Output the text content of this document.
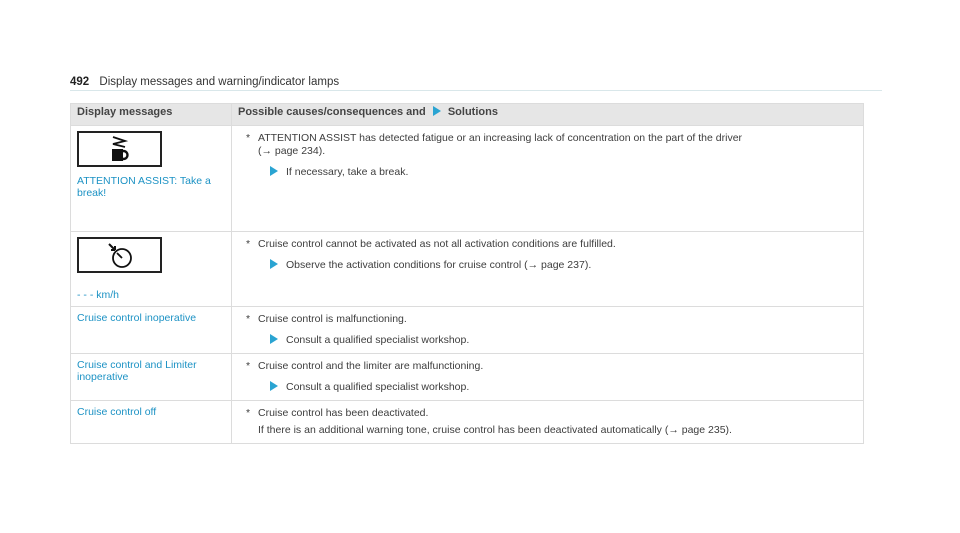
492 Display messages and warning/indicator lamps
Display messages	Possible causes/consequences and Solutions

ATTENTION ASSIST: Take a break!	* ATTENTION ASSIST has detected fatigue or an increasing lack of concentration on the part of the driver
(→ page 234).
If necessary, take a break.

- - - km/h	* Cruise control cannot be activated as not all activation conditions are fulfilled.
Observe the activation conditions for cruise control (→ page 237).

Cruise control inoperative	* Cruise control is malfunctioning.
Consult a qualified specialist workshop.

Cruise control and Limiter inoperative	* Cruise control and the limiter are malfunctioning.
Consult a qualified specialist workshop.

Cruise control off	* Cruise control has been deactivated.
If there is an additional warning tone, cruise control has been deactivated automatically (→ page 235).
